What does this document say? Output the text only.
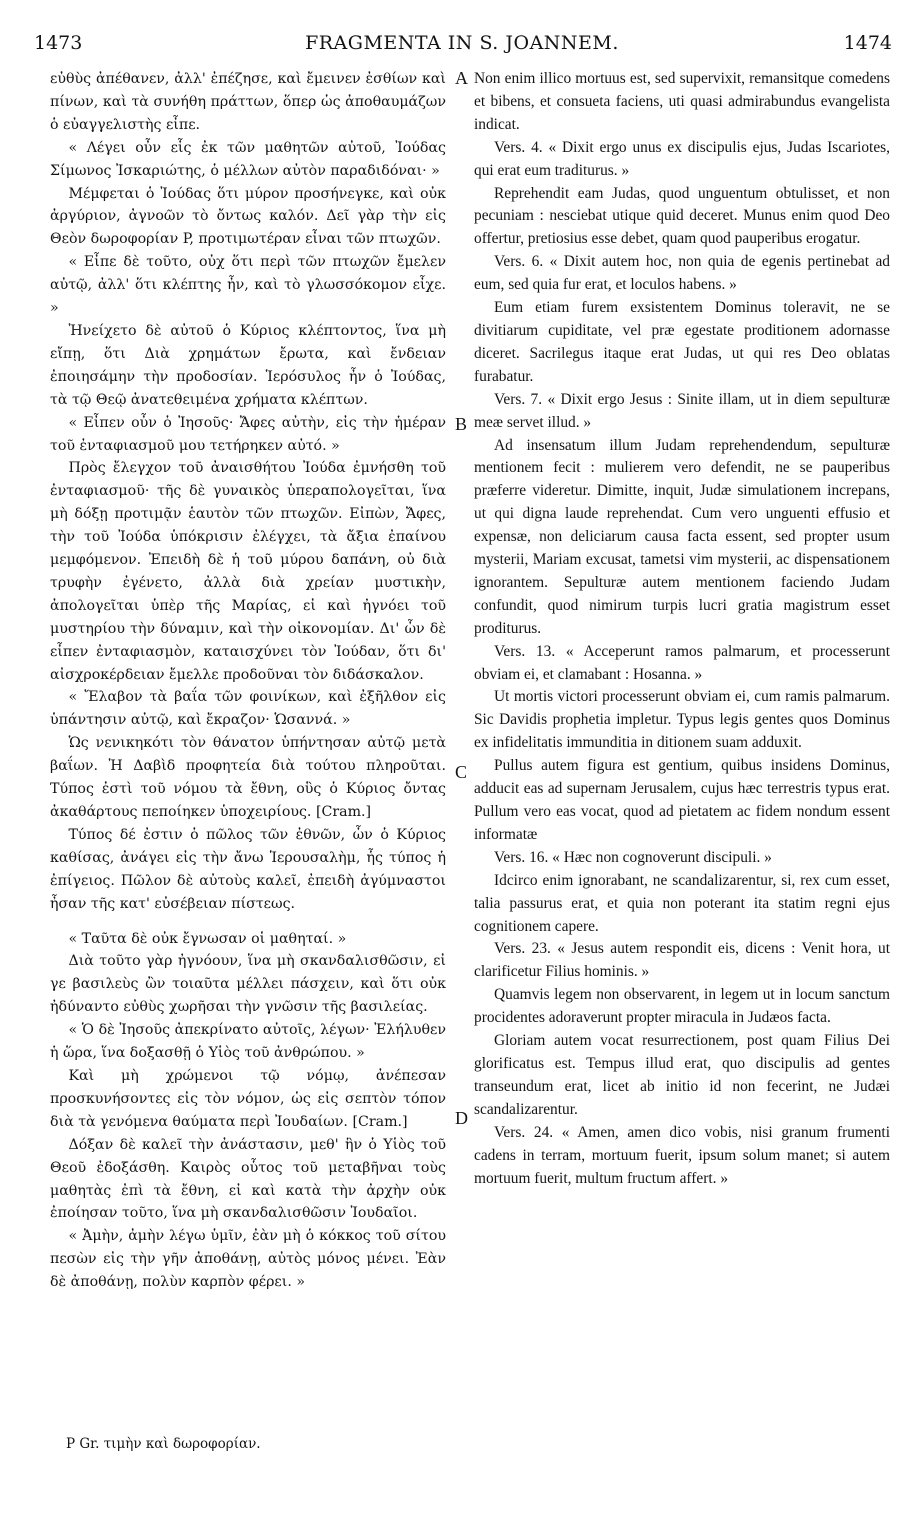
1473	FRAGMENTA IN S. JOANNEM.	1474

εὐθὺς ἀπέθανεν, ἀλλ' ἐπέζησε, καὶ ἔμεινεν ἐσθίων καὶ πίνων, καὶ τὰ συνήθη πράττων, ὅπερ ὡς ἀποθαυμάζων ὁ εὐαγγελιστὴς εἶπε.

« Λέγει οὖν εἷς ἐκ τῶν μαθητῶν αὐτοῦ, Ἰούδας Σίμωνος Ἰσκαριώτης, ὁ μέλλων αὐτὸν παραδιδόναι· »

Μέμφεται ὁ Ἰούδας ὅτι μύρον προσήνεγκε, καὶ οὐκ ἀργύριον, ἀγνοῶν τὸ ὄντως καλόν. Δεῖ γὰρ τὴν εἰς Θεὸν δωροφορίαν P, προτιμωτέραν εἶναι τῶν πτωχῶν.

« Εἶπε δὲ τοῦτο, οὐχ ὅτι περὶ τῶν πτωχῶν ἔμελεν αὐτῷ, ἀλλ' ὅτι κλέπτης ἦν, καὶ τὸ γλωσσόκομον εἶχε. »

Ἠνείχετο δὲ αὐτοῦ ὁ Κύριος κλέπτοντος, ἵνα μὴ εἴπῃ, ὅτι Διὰ χρημάτων ἔρωτα, καὶ ἔνδειαν ἐποιησάμην τὴν προδοσίαν. Ἱερόσυλος ἦν ὁ Ἰούδας, τὰ τῷ Θεῷ ἀνατεθειμένα χρήματα κλέπτων.

« Εἶπεν οὖν ὁ Ἰησοῦς· Ἄφες αὐτὴν, εἰς τὴν ἡμέραν τοῦ ἐνταφιασμοῦ μου τετήρηκεν αὐτό. »

Πρὸς ἔλεγχον τοῦ ἀναισθήτου Ἰούδα ἐμνήσθη τοῦ ἐνταφιασμοῦ· τῆς δὲ γυναικὸς ὑπεραπολογεῖται, ἵνα μὴ δόξῃ προτιμᾷν ἑαυτὸν τῶν πτωχῶν. Εἰπὼν, Ἄφες, τὴν τοῦ Ἰούδα ὑπόκρισιν ἐλέγχει, τὰ ἄξια ἐπαίνου μεμφόμενον. Ἐπειδὴ δὲ ἡ τοῦ μύρου δαπάνη, οὐ διὰ τρυφὴν ἐγένετο, ἀλλὰ διὰ χρείαν μυστικὴν, ἀπολογεῖται ὑπὲρ τῆς Μαρίας, εἰ καὶ ἠγνόει τοῦ μυστηρίου τὴν δύναμιν, καὶ τὴν οἰκονομίαν. Δι' ὧν δὲ εἶπεν ἐνταφιασμὸν, καταισχύνει τὸν Ἰούδαν, ὅτι δι' αἰσχροκέρδειαν ἔμελλε προδοῦναι τὸν διδάσκαλον.

« Ἔλαβον τὰ βαΐα τῶν φοινίκων, καὶ ἐξῆλθον εἰς ὑπάντησιν αὐτῷ, καὶ ἔκραζον· Ὡσαννά. »

Ὡς νενικηκότι τὸν θάνατον ὑπήντησαν αὐτῷ μετὰ βαΐων. Ἡ Δαβὶδ προφητεία διὰ τούτου πληροῦται. Τύπος ἐστὶ τοῦ νόμου τὰ ἔθνη, οὓς ὁ Κύριος ὄντας ἀκαθάρτους πεποίηκεν ὑποχειρίους. [Cram.]

Τύπος δέ ἐστιν ὁ πῶλος τῶν ἐθνῶν, ὧν ὁ Κύριος καθίσας, ἀνάγει εἰς τὴν ἄνω Ἱερουσαλὴμ, ἧς τύπος ἡ ἐπίγειος. Πῶλον δὲ αὐτοὺς καλεῖ, ἐπειδὴ ἀγύμναστοι ἦσαν τῆς κατ' εὐσέβειαν πίστεως.

« Ταῦτα δὲ οὐκ ἔγνωσαν οἱ μαθηταί. »

Διὰ τοῦτο γὰρ ἠγνόουν, ἵνα μὴ σκανδαλισθῶσιν, εἰ γε βασιλεὺς ὢν τοιαῦτα μέλλει πάσχειν, καὶ ὅτι οὐκ ἠδύναντο εὐθὺς χωρῆσαι τὴν γνῶσιν τῆς βασιλείας.

« Ὁ δὲ Ἰησοῦς ἀπεκρίνατο αὐτοῖς, λέγων· Ἐλήλυθεν ἡ ὥρα, ἵνα δοξασθῇ ὁ Υἱὸς τοῦ ἀνθρώπου. »

Καὶ μὴ χρώμενοι τῷ νόμῳ, ἀνέπεσαν προσκυνήσοντες εἰς τὸν νόμον, ὡς εἰς σεπτὸν τόπον διὰ τὰ γενόμενα θαύματα περὶ Ἰουδαίων. [Cram.]

Δόξαν δὲ καλεῖ τὴν ἀνάστασιν, μεθ' ἣν ὁ Υἱὸς τοῦ Θεοῦ ἐδοξάσθη. Καιρὸς οὗτος τοῦ μεταβῆναι τοὺς μαθητὰς ἐπὶ τὰ ἔθνη, εἰ καὶ κατὰ τὴν ἀρχὴν οὐκ ἐποίησαν τοῦτο, ἵνα μὴ σκανδαλισθῶσιν Ἰουδαῖοι.

« Ἀμὴν, ἀμὴν λέγω ὑμῖν, ἐὰν μὴ ὁ κόκκος τοῦ σίτου πεσὼν εἰς τὴν γῆν ἀποθάνῃ, αὐτὸς μόνος μένει. Ἐὰν δὲ ἀποθάνῃ, πολὺν καρπὸν φέρει. »

A
B
C
D

Non enim illico mortuus est, sed supervixit, remansitque comedens et bibens, et consueta faciens, uti quasi admirabundus evangelista indicat.

Vers. 4. « Dixit ergo unus ex discipulis ejus, Judas Iscariotes, qui erat eum traditurus. »

Reprehendit eam Judas, quod unguentum obtulisset, et non pecuniam : nesciebat utique quid deceret. Munus enim quod Deo offertur, pretiosius esse debet, quam quod pauperibus erogatur.

Vers. 6. « Dixit autem hoc, non quia de egenis pertinebat ad eum, sed quia fur erat, et loculos habens. »

Eum etiam furem exsistentem Dominus toleravit, ne se divitiarum cupiditate, vel præ egestate proditionem adornasse diceret. Sacrilegus itaque erat Judas, ut qui res Deo oblatas furabatur.

Vers. 7. « Dixit ergo Jesus : Sinite illam, ut in diem sepulturæ meæ servet illud. »

Ad insensatum illum Judam reprehendendum, sepulturæ mentionem fecit : mulierem vero defendit, ne se pauperibus præferre videretur. Dimitte, inquit, Judæ simulationem increpans, ut qui digna laude reprehendat. Cum vero unguenti effusio et expensæ, non deliciarum causa facta essent, sed propter usum mysterii, Mariam excusat, tametsi vim mysterii, ac dispensationem ignorantem. Sepulturæ autem mentionem faciendo Judam confundit, quod nimirum turpis lucri gratia magistrum esset proditurus.

Vers. 13. « Acceperunt ramos palmarum, et processerunt obviam ei, et clamabant : Hosanna. »

Ut mortis victori processerunt obviam ei, cum ramis palmarum. Sic Davidis prophetia impletur. Typus legis gentes quos Dominus ex infidelitatis immunditia in ditionem suam adduxit.

Pullus autem figura est gentium, quibus insidens Dominus, adducit eas ad supernam Jerusalem, cujus hæc terrestris typus erat. Pullum vero eas vocat, quod ad pietatem ac fidem nondum essent informatæ

Vers. 16. « Hæc non cognoverunt discipuli. »

Idcirco enim ignorabant, ne scandalizarentur, si, rex cum esset, talia passurus erat, et quia non poterant ita statim regni ejus cognitionem capere.

Vers. 23. « Jesus autem respondit eis, dicens : Venit hora, ut clarificetur Filius hominis. »

Quamvis legem non observarent, in legem ut in locum sanctum procidentes adoraverunt propter miracula in Judæos facta.

Gloriam autem vocat resurrectionem, post quam Filius Dei glorificatus est. Tempus illud erat, quo discipulis ad gentes transeundum erat, licet ab initio id non fecerint, ne Judæi scandalizarentur.

Vers. 24. « Amen, amen dico vobis, nisi granum frumenti cadens in terram, mortuum fuerit, ipsum solum manet; si autem mortuum fuerit, multum fructum affert. »

P Gr. τιμὴν καὶ δωροφορίαν.
